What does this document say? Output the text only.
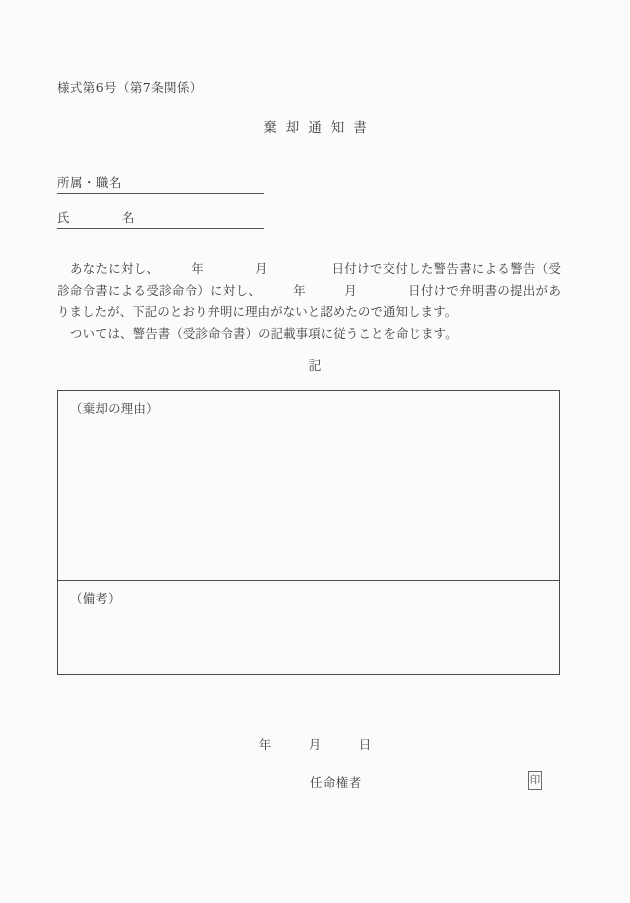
様式第6号（第7条関係）
棄却通知書
所属・職名
氏　　　　名

あなたに対し、　　　年　　　　月　　　　　日付けで交付した警告書による警告（受診命令書による受診命令）に対し、　　　年　　　月　　　　日付けで弁明書の提出がありましたが、下記のとおり弁明に理由がないと認めたので通知します。

ついては、警告書（受診命令書）の記載事項に従うことを命じます。

記
（棄却の理由）
（備考）
年　　　月　　　日
任命権者	印
